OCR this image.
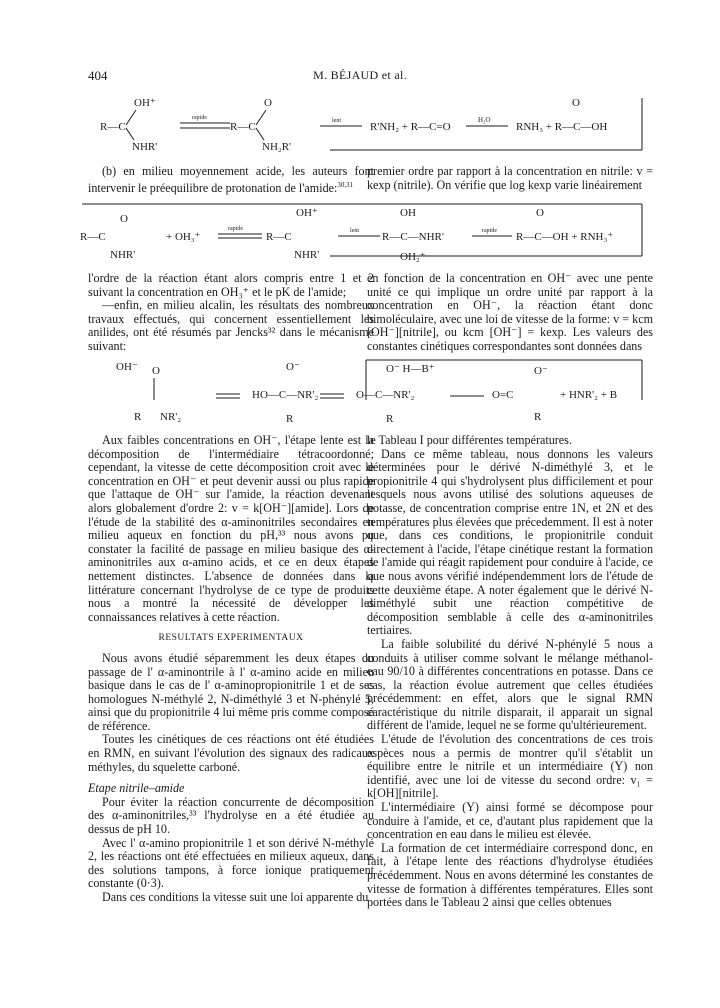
404	M. BÉJAUD et al.
OH⁺
R—C
NHR'
rapide
O
R—C
NH₂R'
lent	R'NH₂ + R—C=O
H₂O
RNH₃ + R—C—OH
O

(b) en milieu moyennement acide, les auteurs font intervenir le préequilibre de protonation de l'amide:$^{30,31}$

premier ordre par rapport à la concentration en nitrile: v = kexp (nitrile). On vérifie que log kexp varie linéairement

O
R—C
NHR'
+ OH₃⁺
rapide
OH⁺
R—C
NHR'
lent
OH
R—C—NHR'
OH₂⁺
rapide
O
R—C—OH + RNH₃⁺

l'ordre de la réaction étant alors compris entre 1 et 2 suivant la concentration en OH₃⁺ et le pK de l'amide;

—enfin, en milieu alcalin, les résultats des nombreux travaux effectués, qui concernent essentiellement les anilides, ont été résumés par Jencks³² dans le mécanisme suivant:

en fonction de la concentration en OH⁻ avec une pente unité ce qui implique un ordre unité par rapport à la concentration en OH⁻, la réaction étant donc bimoléculaire, avec une loi de vitesse de la forme: v = kcm [OH⁻][nitrile], ou kcm [OH⁻] = kexp. Les valeurs des constantes cinétiques correspondantes sont données dans

OH⁻ O
R NR'₂
O⁻
HO—C—NR'₂
R
O⁻ H—B⁺
O—C—NR'₂
R
O=C
O⁻
R
+ HNR'₂ + B

Aux faibles concentrations en OH⁻, l'étape lente est la décomposition de l'intermédiaire tétracoordonné; cependant, la vitesse de cette décomposition croit avec le concentration en OH⁻ et peut devenir aussi ou plus rapide que l'attaque de OH⁻ sur l'amide, la réaction devenant alors globalement d'ordre 2: v = k[OH⁻][amide]. Lors de l'étude de la stabilité des α-aminonitriles secondaires en milieu aqueux en fonction du pH,³³ nous avons pu constater la facilité de passage en milieu basique des α-aminonitriles aux α-amino acids, et ce en deux étapes nettement distinctes. L'absence de données dans la littérature concernant l'hydrolyse de ce type de produits nous a montré la nécessité de développer les connaissances relatives à cette réaction.

RESULTATS EXPERIMENTAUX

Nous avons étudié séparemment les deux étapes du passage de l' α-aminontrile à l' α-amino acide en milieu basique dans le cas de l' α-aminopropionitrile 1 et de ses homologues N-méthylé 2, N-diméthylé 3 et N-phénylé 5, ainsi que du propionitrile 4 lui même pris comme composé de référence.

Toutes les cinétiques de ces réactions ont été étudiées en RMN, en suivant l'évolution des signaux des radicaux méthyles, du squelette carboné.

Etape nitrile–amide

Pour éviter la réaction concurrente de décomposition des α-aminonitriles,³³ l'hydrolyse en a été étudiée au dessus de pH 10.

Avec l' α-amino propionitrile 1 et son dérivé N-méthylé 2, les réactions ont été effectuées en milieux aqueux, dans des solutions tampons, à force ionique pratiquement constante (0·3).

Dans ces conditions la vitesse suit une loi apparente du

le Tableau I pour différentes températures.

Dans ce même tableau, nous donnons les valeurs déterminées pour le dérivé N-diméthylé 3, et le propionitrile 4 qui s'hydrolysent plus difficilement et pour lesquels nous avons utilisé des solutions aqueuses de potasse, de concentration comprise entre 1N, et 2N et des températures plus élevées que précedemment. Il est à noter que, dans ces conditions, le propionitrile conduit directement à l'acide, l'étape cinétique restant la formation de l'amide qui réagit rapidement pour conduire à l'acide, ce que nous avons vérifié indépendemment lors de l'étude de cette deuxième étape. A noter également que le dérivé N-diméthylé subit une réaction compétitive de décomposition semblable à celle des α-aminonitriles tertiaires.

La faible solubilité du dérivé N-phénylé 5 nous a conduits à utiliser comme solvant le mélange méthanol-eau 90/10 à différentes concentrations en potasse. Dans ce cas, la réaction évolue autrement que celles étudiées précédemment: en effet, alors que le signal RMN caractéristique du nitrile disparait, il apparait un signal différent de l'amide, lequel ne se forme qu'ultérieurement.

L'étude de l'évolution des concentrations de ces trois espèces nous a permis de montrer qu'il s'établit un équilibre entre le nitrile et un intermédiaire (Y) non identifié, avec une loi de vitesse du second ordre: v₁ = k[OH][nitrile].

L'intermédiaire (Y) ainsi formé se décompose pour conduire à l'amide, et ce, d'autant plus rapidement que la concentration en eau dans le milieu est élevée.

La formation de cet intermédiaire correspond donc, en fait, à l'étape lente des réactions d'hydrolyse étudiées précédemment. Nous en avons déterminé les constantes de vitesse de formation à différentes températures. Elles sont portées dans le Tableau 2 ainsi que celles obtenues
